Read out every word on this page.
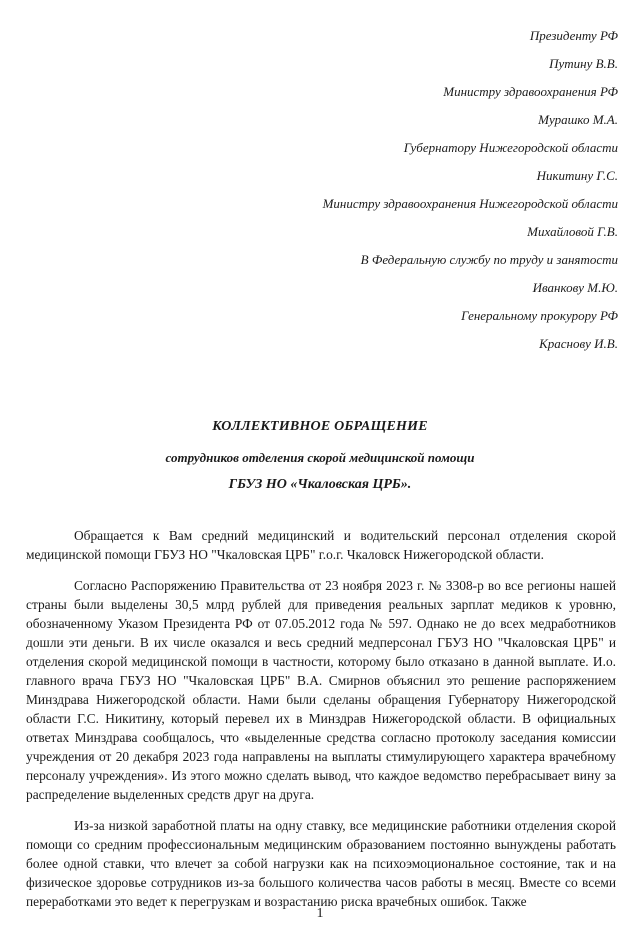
Президенту РФ
Путину В.В.
Министру здравоохранения РФ
Мурашко М.А.
Губернатору Нижегородской области
Никитину Г.С.
Министру здравоохранения Нижегородской области
Михайловой Г.В.
В Федеральную службу по труду и занятости
Иванкову М.Ю.
Генеральному прокурору РФ
Краснову И.В.
КОЛЛЕКТИВНОЕ ОБРАЩЕНИЕ
сотрудников отделения скорой медицинской помощи
ГБУЗ НО «Чкаловская ЦРБ».

Обращается к Вам средний медицинский и водительский персонал отделения скорой медицинской помощи ГБУЗ НО "Чкаловская ЦРБ" г.о.г. Чкаловск Нижегородской области.

Согласно Распоряжению Правительства от 23 ноября 2023 г. № 3308-р во все регионы нашей страны были выделены 30,5 млрд рублей для приведения реальных зарплат медиков к уровню, обозначенному Указом Президента РФ от 07.05.2012 года № 597. Однако не до всех медработников дошли эти деньги. В их числе оказался и весь средний медперсонал ГБУЗ НО "Чкаловская ЦРБ" и отделения скорой медицинской помощи в частности, которому было отказано в данной выплате. И.о. главного врача ГБУЗ НО "Чкаловская ЦРБ" В.А. Смирнов объяснил это решение распоряжением Минздрава Нижегородской области. Нами были сделаны обращения Губернатору Нижегородской области Г.С. Никитину, который перевел их в Минздрав Нижегородской области. В официальных ответах Минздрава сообщалось, что «выделенные средства согласно протоколу заседания комиссии учреждения от 20 декабря 2023 года направлены на выплаты стимулирующего характера врачебному персоналу учреждения». Из этого можно сделать вывод, что каждое ведомство перебрасывает вину за распределение выделенных средств друг на друга.

Из-за низкой заработной платы на одну ставку, все медицинские работники отделения скорой помощи со средним профессиональным медицинским образованием постоянно вынуждены работать более одной ставки, что влечет за собой нагрузки как на психоэмоциональное состояние, так и на физическое здоровье сотрудников из-за большого количества часов работы в месяц. Вместе со всеми переработками это ведет к перегрузкам и возрастанию риска врачебных ошибок. Также

1
